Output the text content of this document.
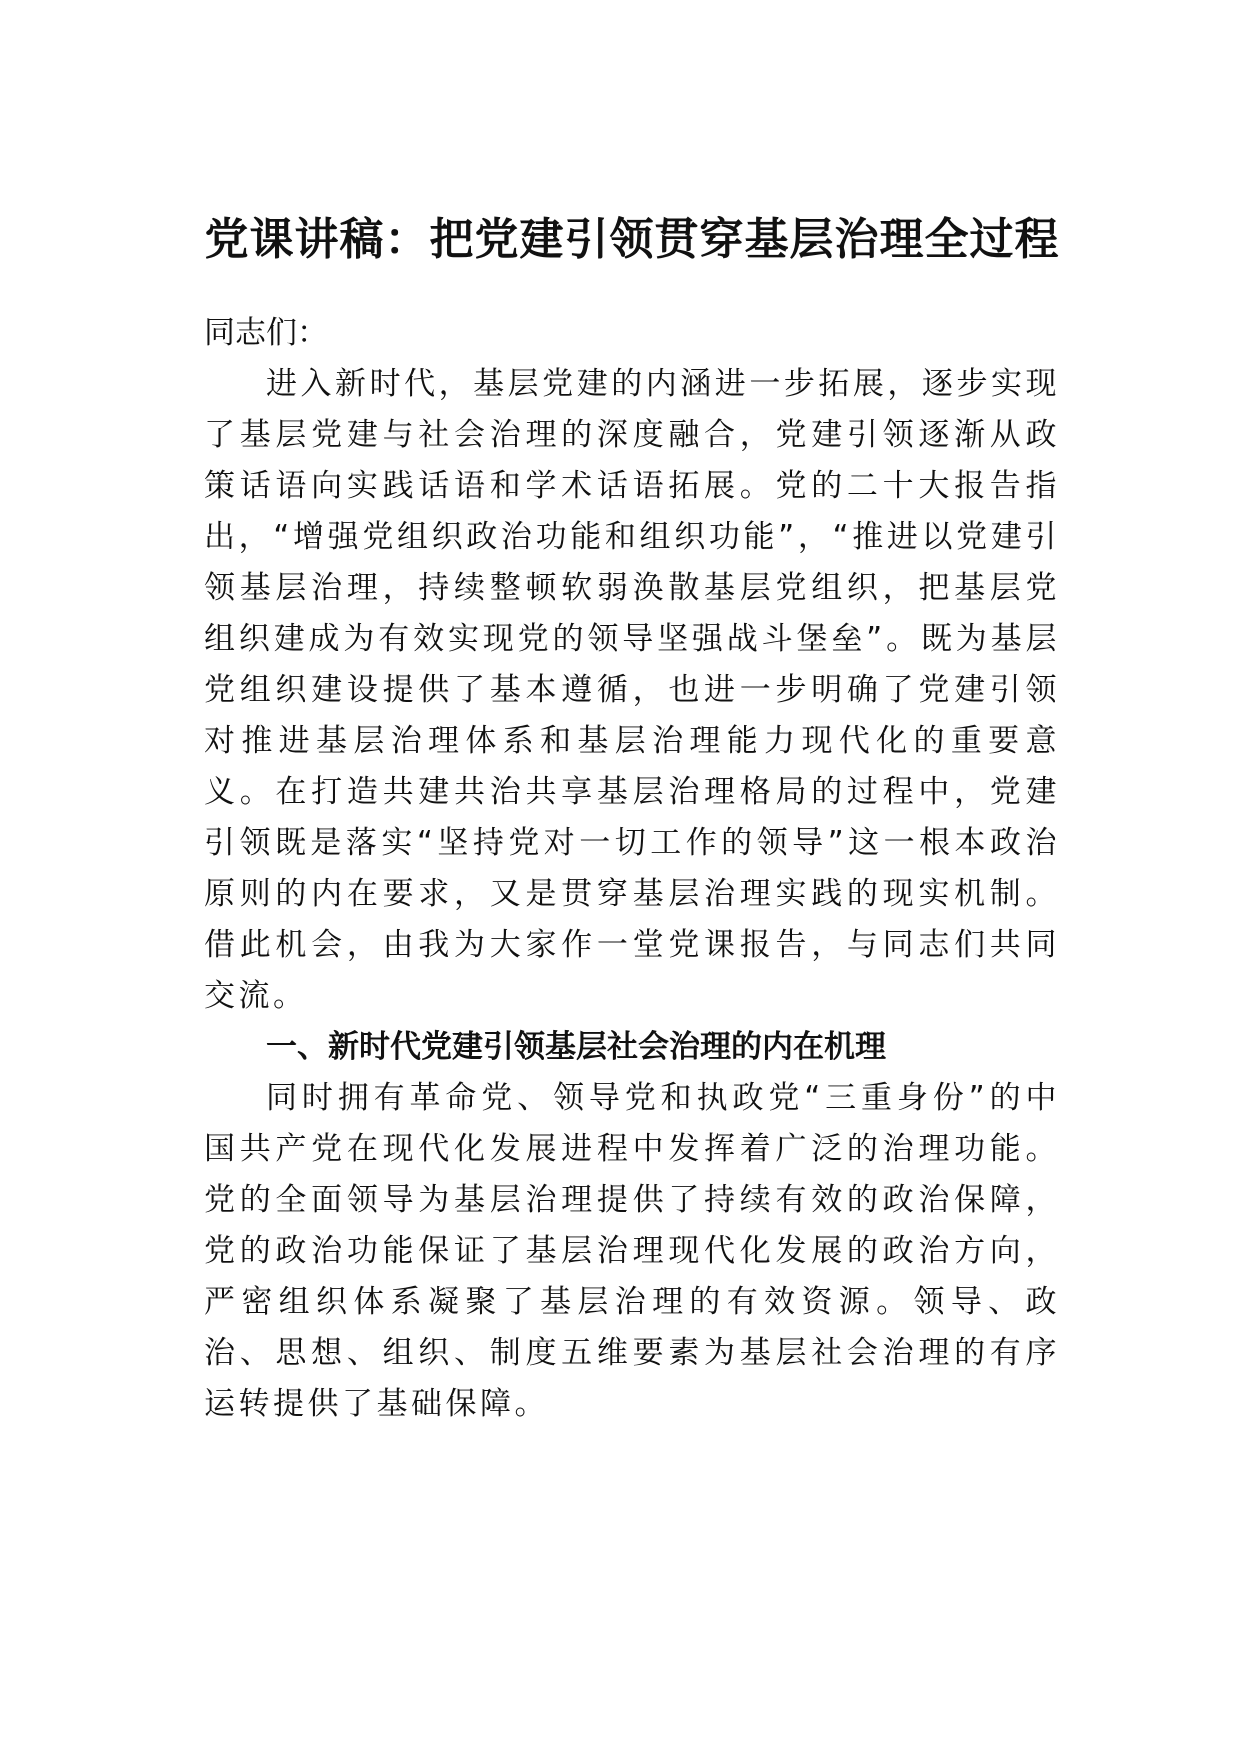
党课讲稿：把党建引领贯穿基层治理全过程

同志们：

进入新时代，基层党建的内涵进一步拓展，逐步实现了基层党建与社会治理的深度融合，党建引领逐渐从政策话语向实践话语和学术话语拓展。党的二十大报告指出，“增强党组织政治功能和组织功能”，“推进以党建引领基层治理，持续整顿软弱涣散基层党组织，把基层党组织建成为有效实现党的领导坚强战斗堡垒”。既为基层党组织建设提供了基本遵循，也进一步明确了党建引领对推进基层治理体系和基层治理能力现代化的重要意义。在打造共建共治共享基层治理格局的过程中，党建引领既是落实“坚持党对一切工作的领导”这一根本政治原则的内在要求，又是贯穿基层治理实践的现实机制。借此机会，由我为大家作一堂党课报告，与同志们共同交流。

一、新时代党建引领基层社会治理的内在机理

同时拥有革命党、领导党和执政党“三重身份”的中国共产党在现代化发展进程中发挥着广泛的治理功能。党的全面领导为基层治理提供了持续有效的政治保障，党的政治功能保证了基层治理现代化发展的政治方向，严密组织体系凝聚了基层治理的有效资源。领导、政治、思想、组织、制度五维要素为基层社会治理的有序运转提供了基础保障。
